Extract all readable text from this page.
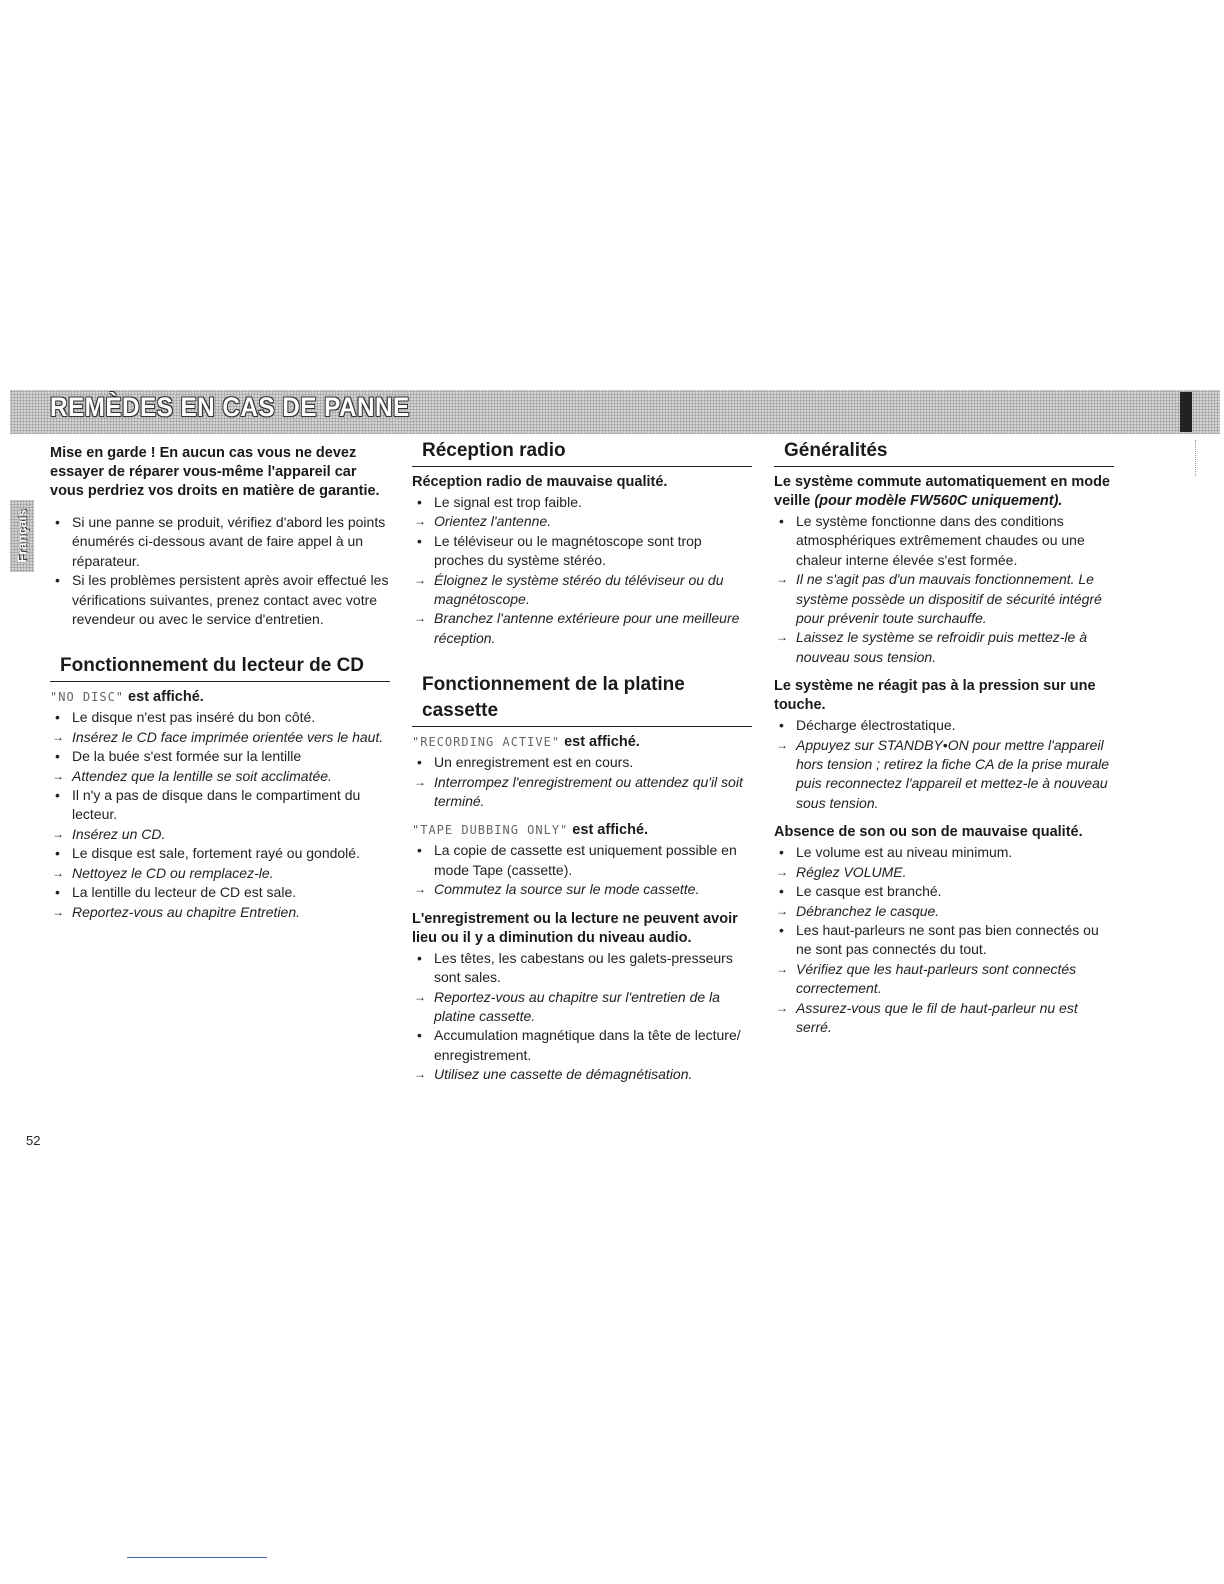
REMÈDES EN CAS DE PANNE
Français
Mise en garde ! En aucun cas vous ne devez essayer de réparer vous-même l'appareil car vous perdriez vos droits en matière de garantie.
• Si une panne se produit, vérifiez d'abord les points énumérés ci-dessous avant de faire appel à un réparateur.
• Si les problèmes persistent après avoir effectué les vérifications suivantes, prenez contact avec votre revendeur ou avec le service d'entretien.
Fonctionnement du lecteur de CD
"NO DISC" est affiché.
• Le disque n'est pas inséré du bon côté.
→ Insérez le CD face imprimée orientée vers le haut.
• De la buée s'est formée sur la lentille
→ Attendez que la lentille se soit acclimatée.
• Il n'y a pas de disque dans le compartiment du lecteur.
→ Insérez un CD.
• Le disque est sale, fortement rayé ou gondolé.
→ Nettoyez le CD ou remplacez-le.
• La lentille du lecteur de CD est sale.
→ Reportez-vous au chapitre Entretien.
Réception radio
Réception radio de mauvaise qualité.
• Le signal est trop faible.
→ Orientez l'antenne.
• Le téléviseur ou le magnétoscope sont trop proches du système stéréo.
→ Éloignez le système stéréo du téléviseur ou du magnétoscope.
→ Branchez l'antenne extérieure pour une meilleure réception.
Fonctionnement de la platine cassette
"RECORDING ACTIVE" est affiché.
• Un enregistrement est en cours.
→ Interrompez l'enregistrement ou attendez qu'il soit terminé.
"TAPE DUBBING ONLY" est affiché.
• La copie de cassette est uniquement possible en mode Tape (cassette).
→ Commutez la source sur le mode cassette.
L'enregistrement ou la lecture ne peuvent avoir lieu ou il y a diminution du niveau audio.
• Les têtes, les cabestans ou les galets-presseurs sont sales.
→ Reportez-vous au chapitre sur l'entretien de la platine cassette.
• Accumulation magnétique dans la tête de lecture/ enregistrement.
→ Utilisez une cassette de démagnétisation.
Généralités
Le système commute automatiquement en mode veille (pour modèle FW560C uniquement).
• Le système fonctionne dans des conditions atmosphériques extrêmement chaudes ou une chaleur interne élevée s'est formée.
→ Il ne s'agit pas d'un mauvais fonctionnement. Le système possède un dispositif de sécurité intégré pour prévenir toute surchauffe.
→ Laissez le système se refroidir puis mettez-le à nouveau sous tension.
Le système ne réagit pas à la pression sur une touche.
• Décharge électrostatique.
→ Appuyez sur STANDBY•ON pour mettre l'appareil hors tension ; retirez la fiche CA de la prise murale puis reconnectez l'appareil et mettez-le à nouveau sous tension.
Absence de son ou son de mauvaise qualité.
• Le volume est au niveau minimum.
→ Réglez VOLUME.
• Le casque est branché.
→ Débranchez le casque.
• Les haut-parleurs ne sont pas bien connectés ou ne sont pas connectés du tout.
→ Vérifiez que les haut-parleurs sont connectés correctement.
→ Assurez-vous que le fil de haut-parleur nu est serré.
52
